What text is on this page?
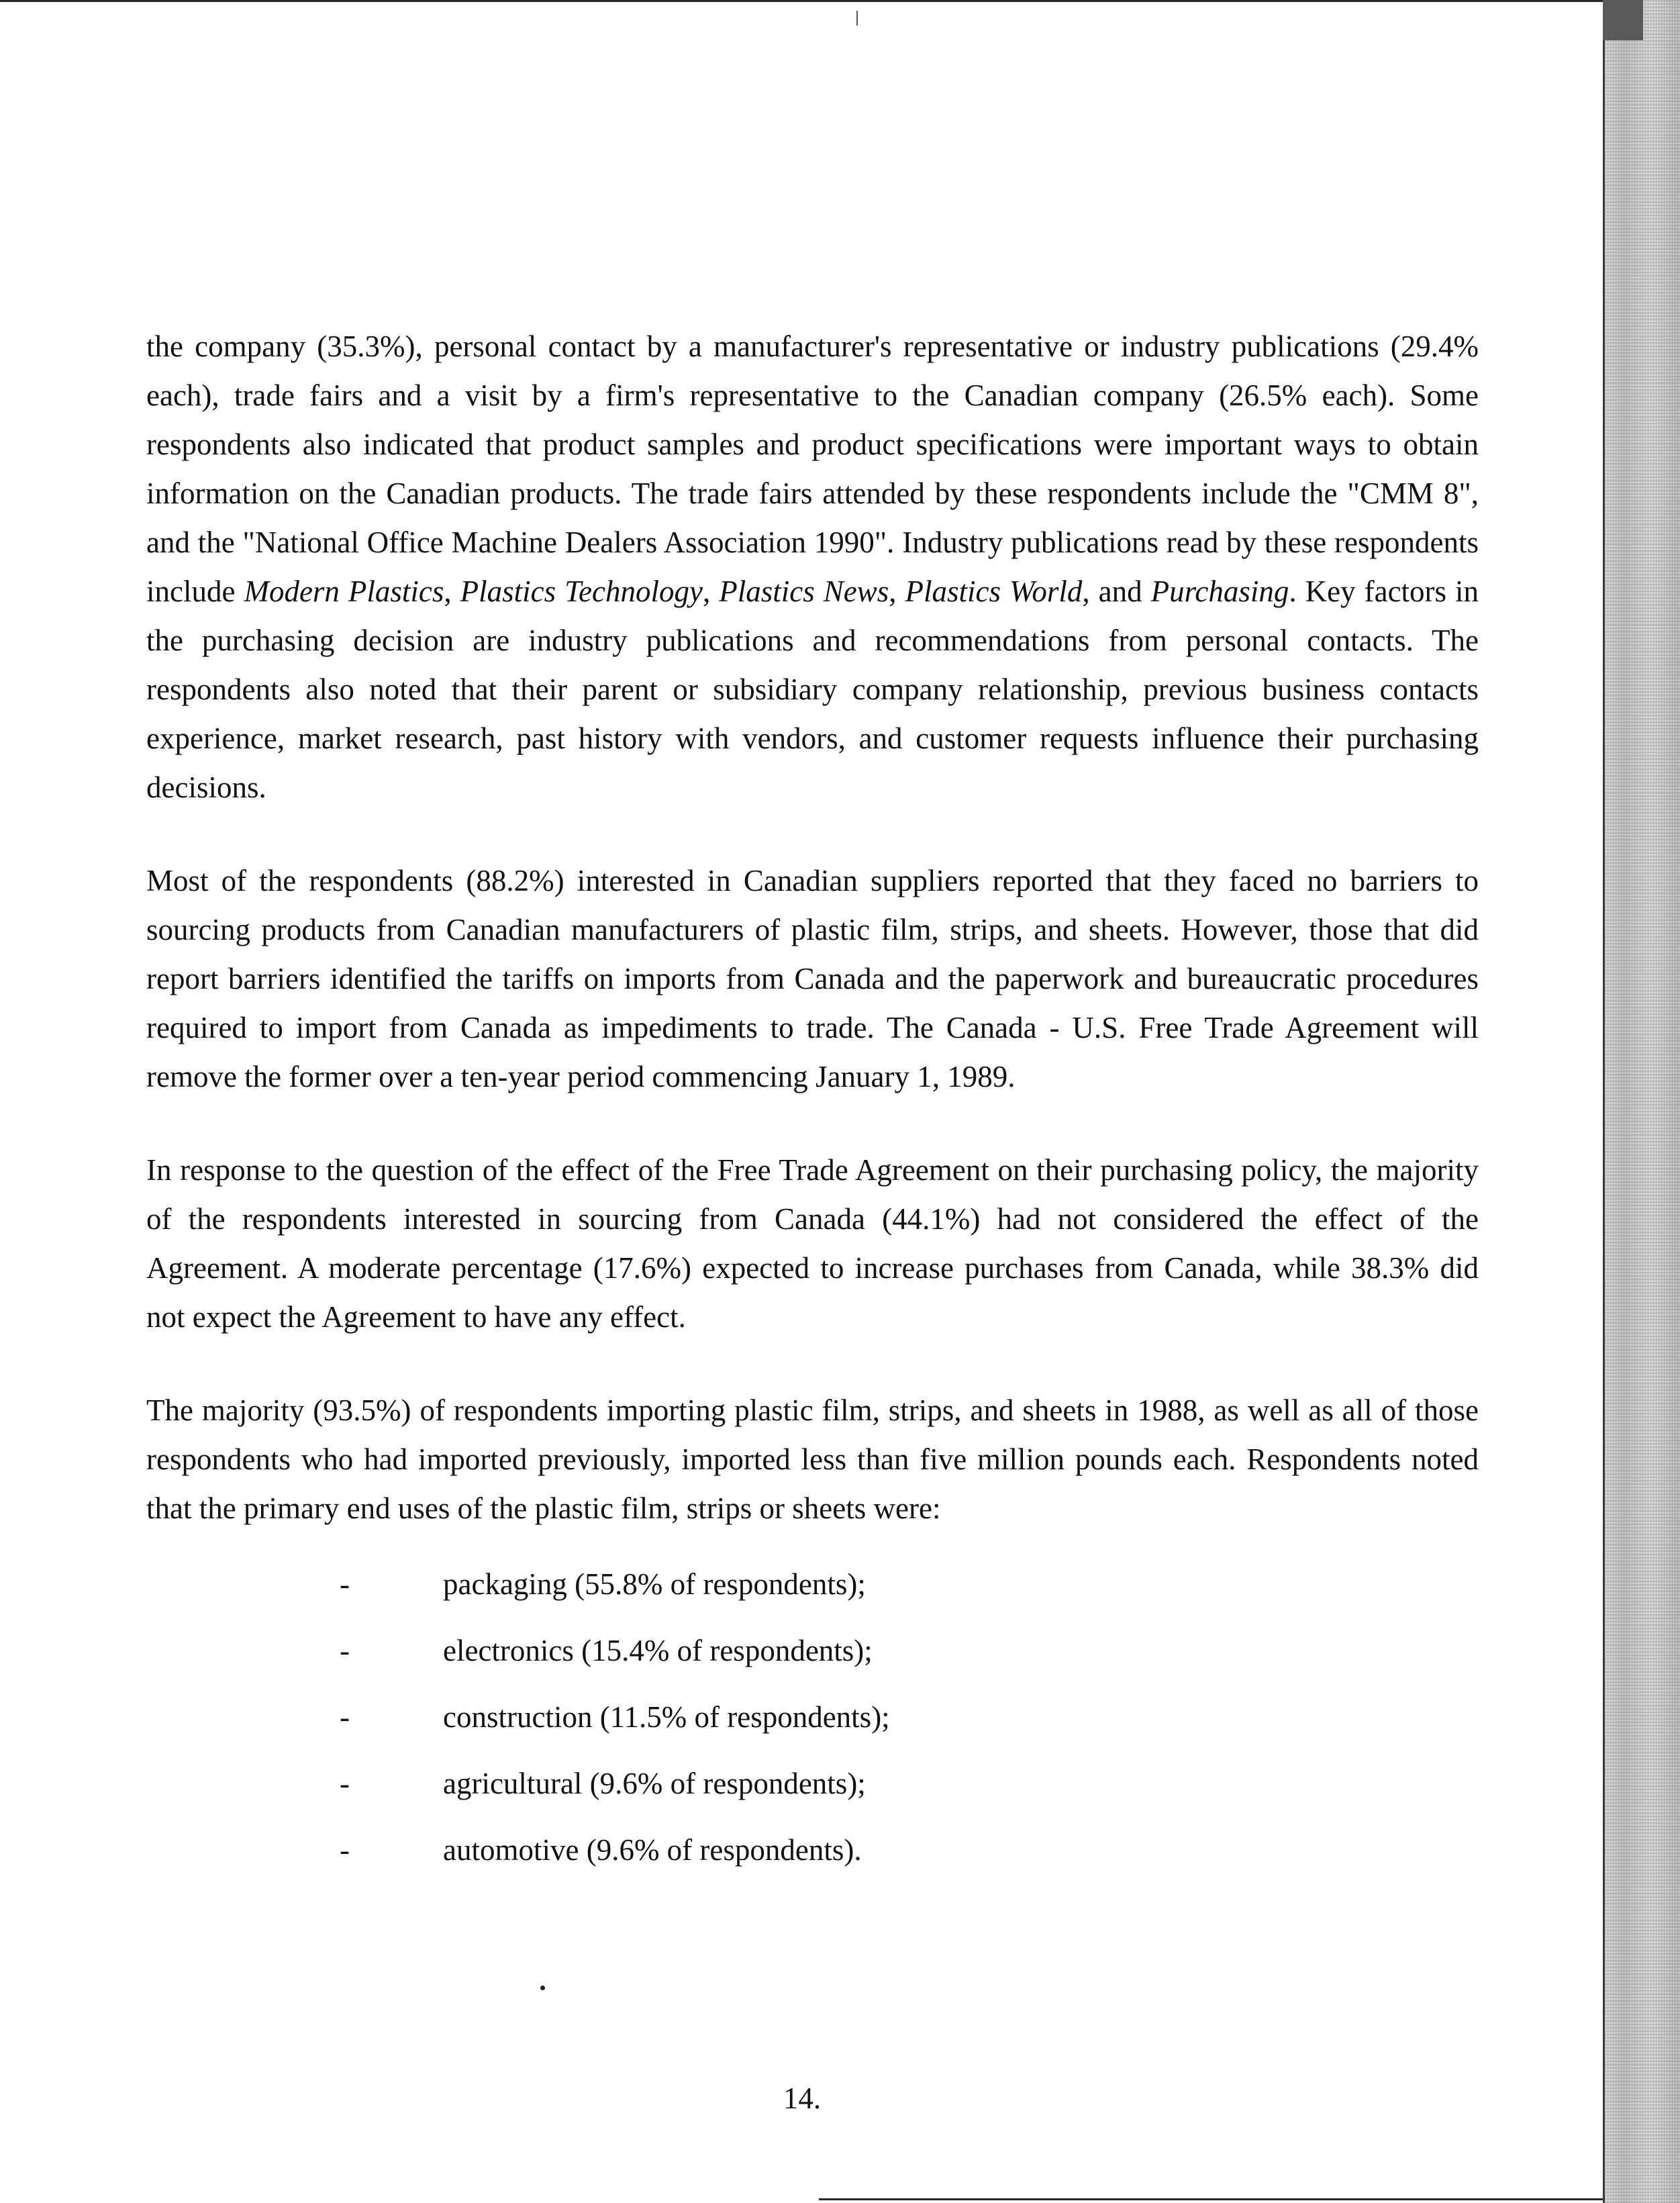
the company (35.3%), personal contact by a manufacturer's representative or industry publications (29.4% each), trade fairs and a visit by a firm's representative to the Canadian company (26.5% each). Some respondents also indicated that product samples and product specifications were important ways to obtain information on the Canadian products. The trade fairs attended by these respondents include the "CMM 8", and the "National Office Machine Dealers Association 1990". Industry publications read by these respondents include Modern Plastics, Plastics Technology, Plastics News, Plastics World, and Purchasing. Key factors in the purchasing decision are industry publications and recommendations from personal contacts. The respondents also noted that their parent or subsidiary company relationship, previous business contacts experience, market research, past history with vendors, and customer requests influence their purchasing decisions.

Most of the respondents (88.2%) interested in Canadian suppliers reported that they faced no barriers to sourcing products from Canadian manufacturers of plastic film, strips, and sheets. However, those that did report barriers identified the tariffs on imports from Canada and the paperwork and bureaucratic procedures required to import from Canada as impediments to trade. The Canada - U.S. Free Trade Agreement will remove the former over a ten-year period commencing January 1, 1989.

In response to the question of the effect of the Free Trade Agreement on their purchasing policy, the majority of the respondents interested in sourcing from Canada (44.1%) had not considered the effect of the Agreement. A moderate percentage (17.6%) expected to increase purchases from Canada, while 38.3% did not expect the Agreement to have any effect.

The majority (93.5%) of respondents importing plastic film, strips, and sheets in 1988, as well as all of those respondents who had imported previously, imported less than five million pounds each. Respondents noted that the primary end uses of the plastic film, strips or sheets were:

-	packaging (55.8% of respondents);
-	electronics (15.4% of respondents);
-	construction (11.5% of respondents);
-	agricultural (9.6% of respondents);
-	automotive (9.6% of respondents).
14.
